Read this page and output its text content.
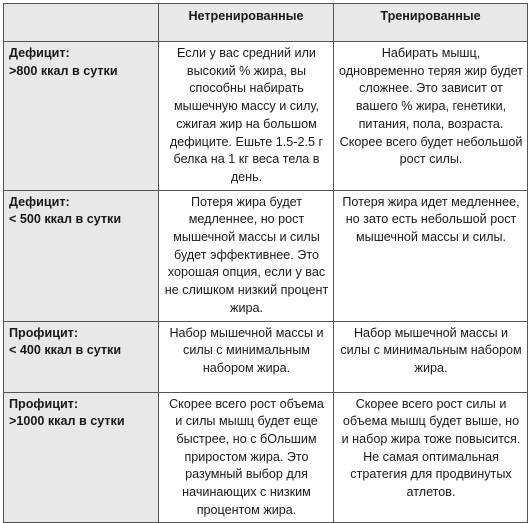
	Нетренированные	Тренированные

Дефицит:
>800 ккал в сутки	Если у вас средний или высокий % жира, вы способны набирать мышечную массу и силу, сжигая жир на большом дефиците. Ешьте 1.5-2.5 г белка на 1 кг веса тела в день.	Набирать мышц, одновременно теряя жир будет сложнее. Это зависит от вашего % жира, генетики, питания, пола, возраста. Скорее всего будет небольшой рост силы.

Дефицит:
< 500 ккал в сутки	Потеря жира будет медленнее, но рост мышечной массы и силы будет эффективнее. Это хорошая опция, если у вас не слишком низкий процент жира.	Потеря жира идет медленнее, но зато есть небольшой рост мышечной массы и силы.

Профицит:
< 400 ккал в сутки	Набор мышечной массы и силы с минимальным набором жира.	Набор мышечной массы и силы с минимальным набором жира.

Профицит:
>1000 ккал в сутки	Скорее всего рост объема и силы мышц будет еще быстрее, но с бОльшим приростом жира. Это разумный выбор для начинающих с низким процентом жира.	Скорее всего рост силы и объема мышц будет выше, но и набор жира тоже повысится. Не самая оптимальная стратегия для продвинутых атлетов.
